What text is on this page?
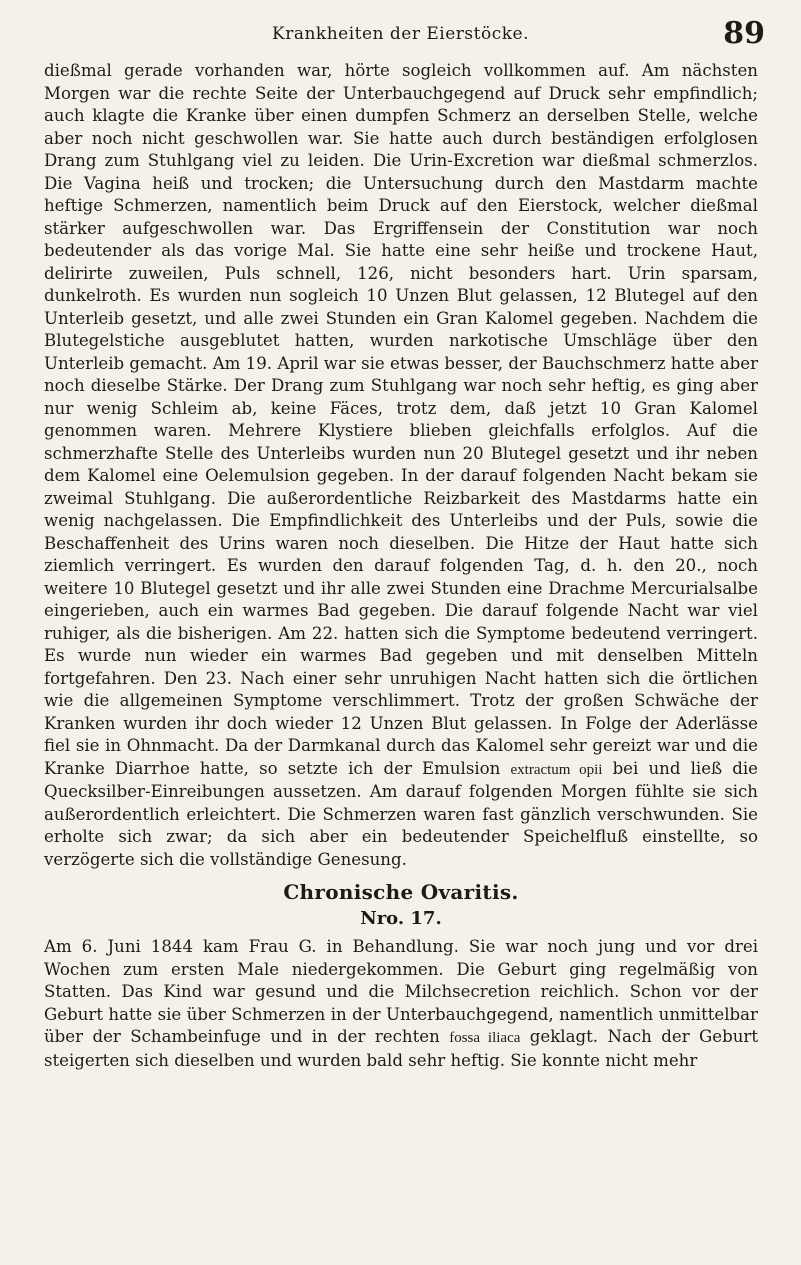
Krankheiten der Eierstöcke.	89

dießmal gerade vorhanden war, hörte sogleich vollkommen auf. Am nächsten Morgen war die rechte Seite der Unterbauchgegend auf Druck sehr empfindlich; auch klagte die Kranke über einen dumpfen Schmerz an derselben Stelle, welche aber noch nicht geschwollen war. Sie hatte auch durch beständigen erfolglosen Drang zum Stuhlgang viel zu leiden. Die Urin-Excretion war dießmal schmerzlos. Die Vagina heiß und trocken; die Untersuchung durch den Mastdarm machte heftige Schmerzen, namentlich beim Druck auf den Eierstock, welcher dießmal stärker aufgeschwollen war. Das Ergriffensein der Constitution war noch bedeutender als das vorige Mal. Sie hatte eine sehr heiße und trockene Haut, delirirte zuweilen, Puls schnell, 126, nicht besonders hart. Urin sparsam, dunkelroth. Es wurden nun sogleich 10 Unzen Blut gelassen, 12 Blutegel auf den Unterleib gesetzt, und alle zwei Stunden ein Gran Kalomel gegeben. Nachdem die Blutegelstiche ausgeblutet hatten, wurden narkotische Umschläge über den Unterleib gemacht. Am 19. April war sie etwas besser, der Bauchschmerz hatte aber noch dieselbe Stärke. Der Drang zum Stuhlgang war noch sehr heftig, es ging aber nur wenig Schleim ab, keine Fäces, trotz dem, daß jetzt 10 Gran Kalomel genommen waren. Mehrere Klystiere blieben gleichfalls erfolglos. Auf die schmerzhafte Stelle des Unterleibs wurden nun 20 Blutegel gesetzt und ihr neben dem Kalomel eine Oelemulsion gegeben. In der darauf folgenden Nacht bekam sie zweimal Stuhlgang. Die außerordentliche Reizbarkeit des Mastdarms hatte ein wenig nachgelassen. Die Empfindlichkeit des Unterleibs und der Puls, sowie die Beschaffenheit des Urins waren noch dieselben. Die Hitze der Haut hatte sich ziemlich verringert. Es wurden den darauf folgenden Tag, d. h. den 20., noch weitere 10 Blutegel gesetzt und ihr alle zwei Stunden eine Drachme Mercurialsalbe eingerieben, auch ein warmes Bad gegeben. Die darauf folgende Nacht war viel ruhiger, als die bisherigen. Am 22. hatten sich die Symptome bedeutend verringert. Es wurde nun wieder ein warmes Bad gegeben und mit denselben Mitteln fortgefahren. Den 23. Nach einer sehr unruhigen Nacht hatten sich die örtlichen wie die allgemeinen Symptome verschlimmert. Trotz der großen Schwäche der Kranken wurden ihr doch wieder 12 Unzen Blut gelassen. In Folge der Aderlässe fiel sie in Ohnmacht. Da der Darmkanal durch das Kalomel sehr gereizt war und die Kranke Diarrhoe hatte, so setzte ich der Emulsion extractum opii bei und ließ die Quecksilber-Einreibungen aussetzen. Am darauf folgenden Morgen fühlte sie sich außerordentlich erleichtert. Die Schmerzen waren fast gänzlich verschwunden. Sie erholte sich zwar; da sich aber ein bedeutender Speichelfluß einstellte, so verzögerte sich die vollständige Genesung.

Chronische Ovaritis.
Nro. 17.

Am 6. Juni 1844 kam Frau G. in Behandlung. Sie war noch jung und vor drei Wochen zum ersten Male niedergekommen. Die Geburt ging regelmäßig von Statten. Das Kind war gesund und die Milchsecretion reichlich. Schon vor der Geburt hatte sie über Schmerzen in der Unterbauchgegend, namentlich unmittelbar über der Schambeinfuge und in der rechten fossa iliaca geklagt. Nach der Geburt steigerten sich dieselben und wurden bald sehr heftig. Sie konnte nicht mehr
